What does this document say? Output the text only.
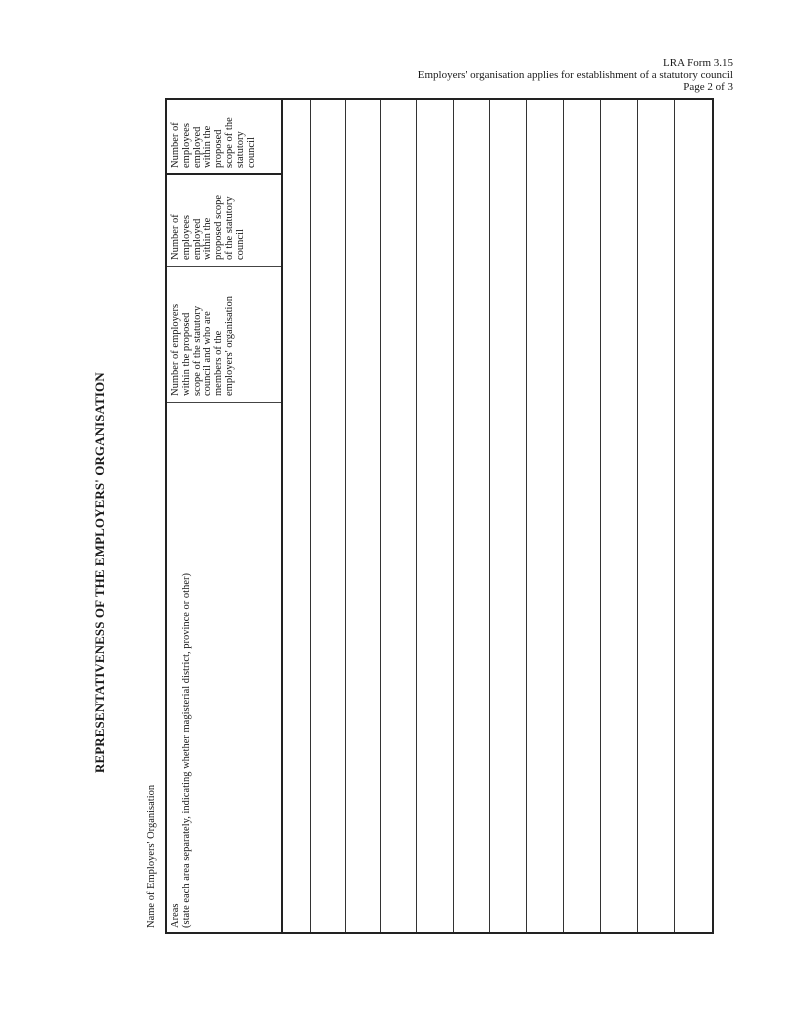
LRA Form 3.15
Employers' organisation applies for establishment of a statutory council
Page 2 of 3
REPRESENTATIVENESS OF THE EMPLOYERS' ORGANISATION
Name of Employers' Organisation Areas
(state each area separately, indicating whether magisterial district, province or other)
Number of employers
within the proposed
scope of the statutory
council and who are
members of the
employers' organisation
Number of
employees
employed
within the
proposed scope
of the statutory
council
Number of
employees
employed
within the
proposed
scope of the
statutory
council
